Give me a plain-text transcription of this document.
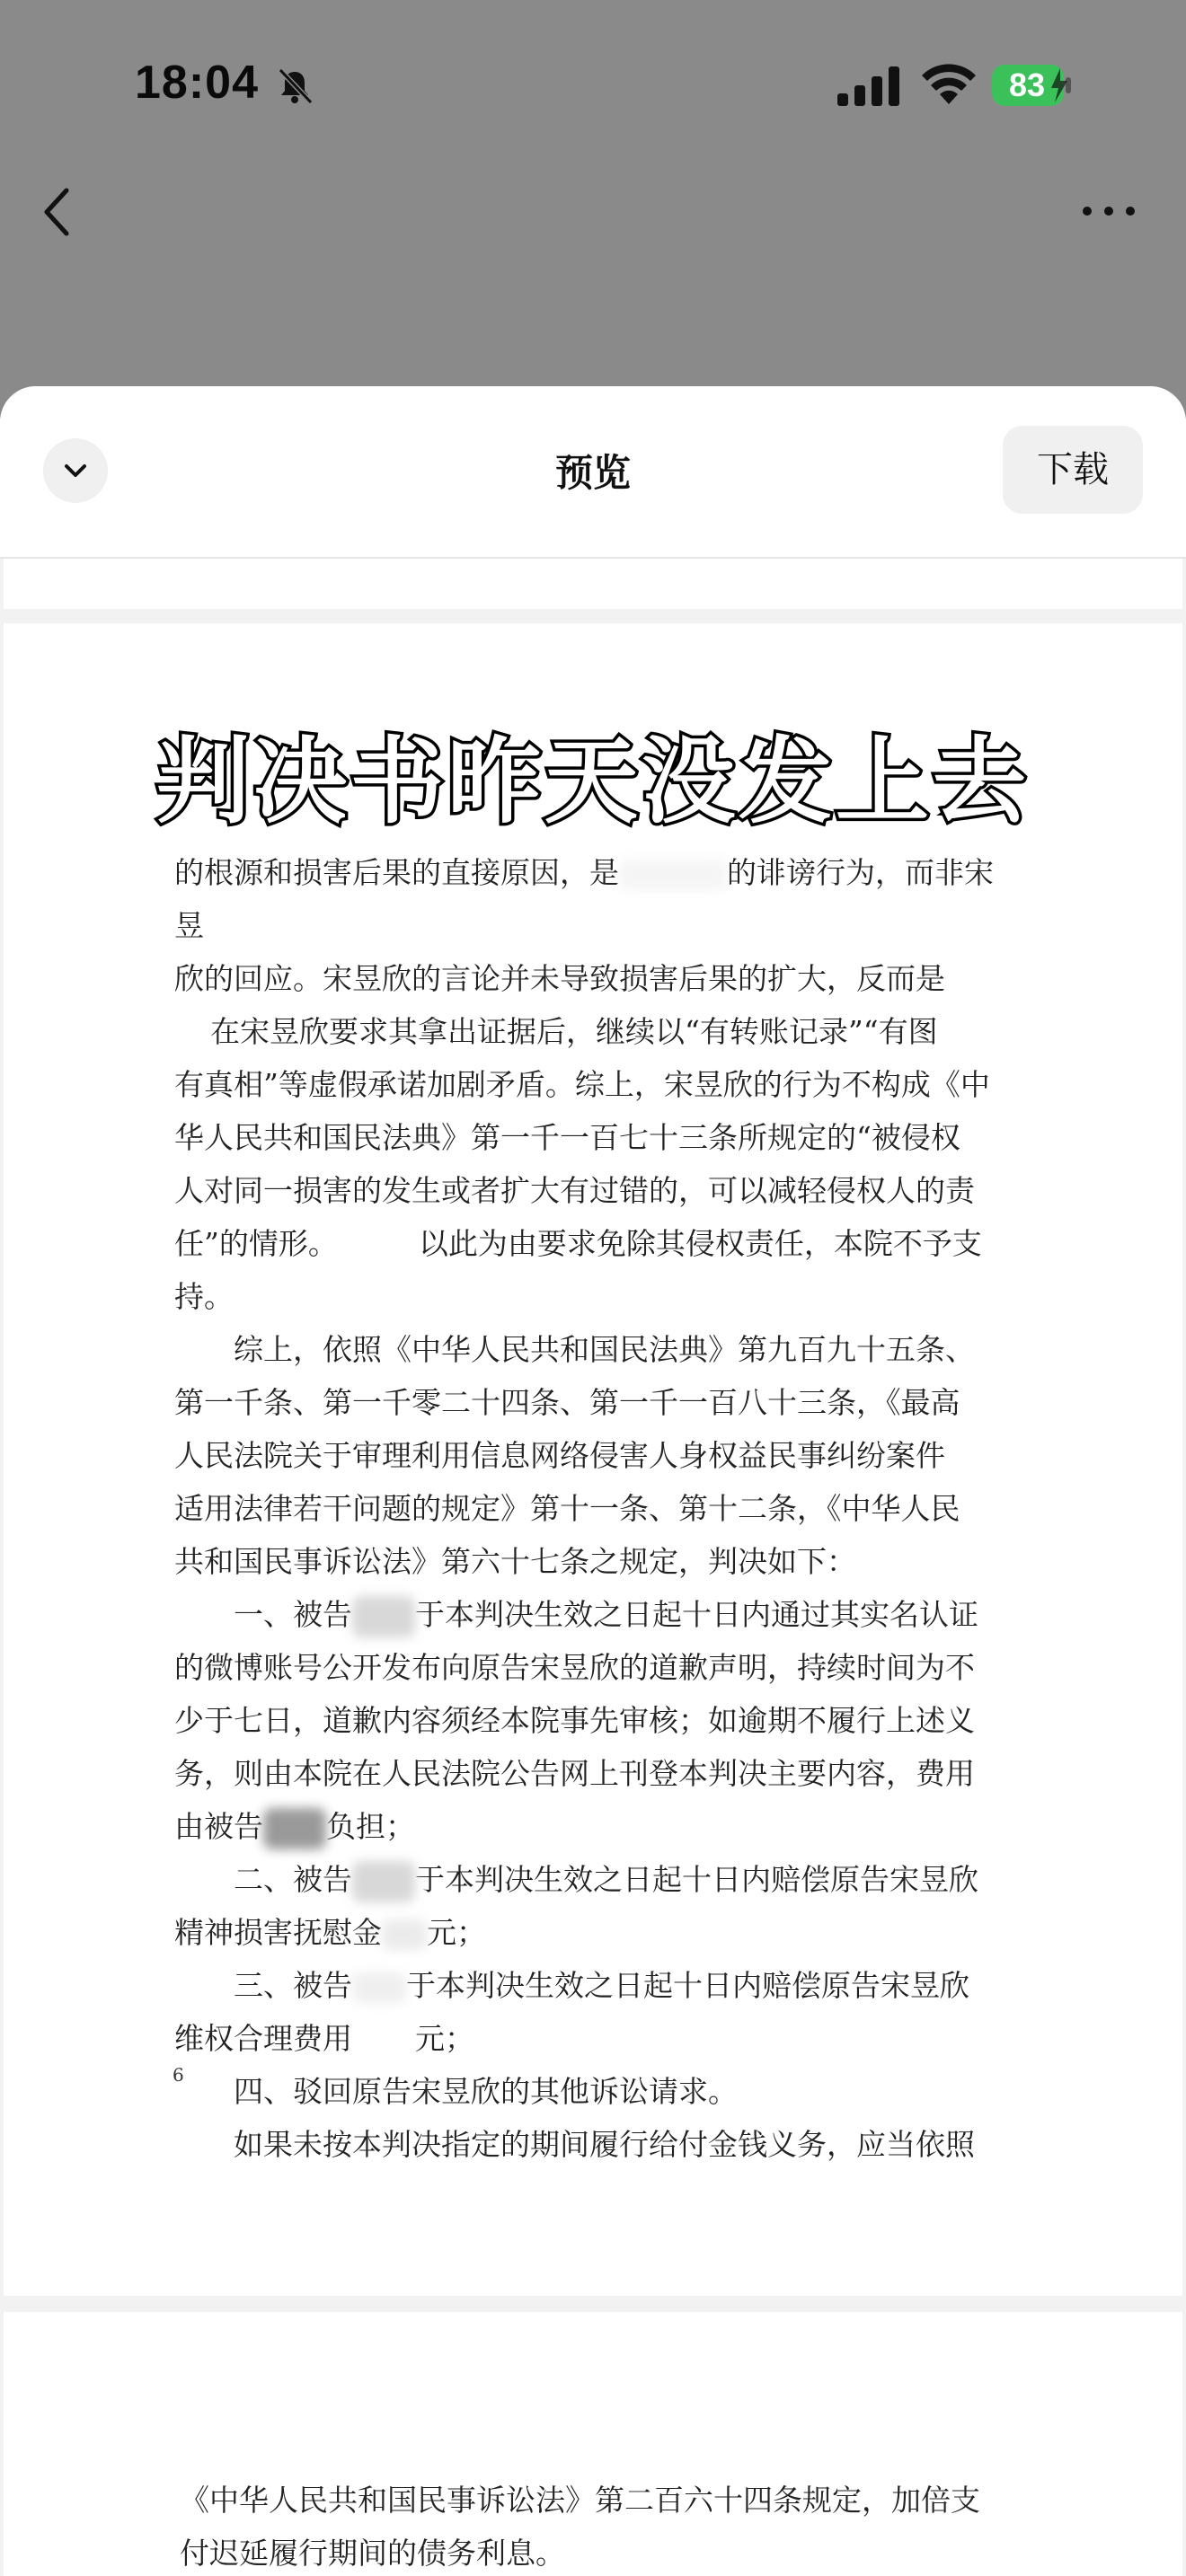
18:04	83
预览	下载
判决书昨天没发上去

的根源和损害后果的直接原因，是	的诽谤行为，而非宋昱

欣的回应。宋昱欣的言论并未导致损害后果的扩大，反而是

在宋昱欣要求其拿出证据后，继续以“有转账记录”“有图

有真相”等虚假承诺加剧矛盾。综上，宋昱欣的行为不构成《中

华人民共和国民法典》第一千一百七十三条所规定的“被侵权

人对同一损害的发生或者扩大有过错的，可以减轻侵权人的责

任”的情形。	以此为由要求免除其侵权责任，本院不予支

持。

综上，依照《中华人民共和国民法典》第九百九十五条、

第一千条、第一千零二十四条、第一千一百八十三条，《最高

人民法院关于审理利用信息网络侵害人身权益民事纠纷案件

适用法律若干问题的规定》第十一条、第十二条，《中华人民

共和国民事诉讼法》第六十七条之规定，判决如下：

一、被告 于本判决生效之日起十日内通过其实名认证

的微博账号公开发布向原告宋昱欣的道歉声明，持续时间为不

少于七日，道歉内容须经本院事先审核；如逾期不履行上述义

务，则由本院在人民法院公告网上刊登本判决主要内容，费用

由被告 负担；

二、被告 于本判决生效之日起十日内赔偿原告宋昱欣

精神损害抚慰金 元；

三、被告 于本判决生效之日起十日内赔偿原告宋昱欣

维权合理费用 元；

四、驳回原告宋昱欣的其他诉讼请求。

如果未按本判决指定的期间履行给付金钱义务，应当依照

6

《中华人民共和国民事诉讼法》第二百六十四条规定，加倍支

付迟延履行期间的债务利息。
